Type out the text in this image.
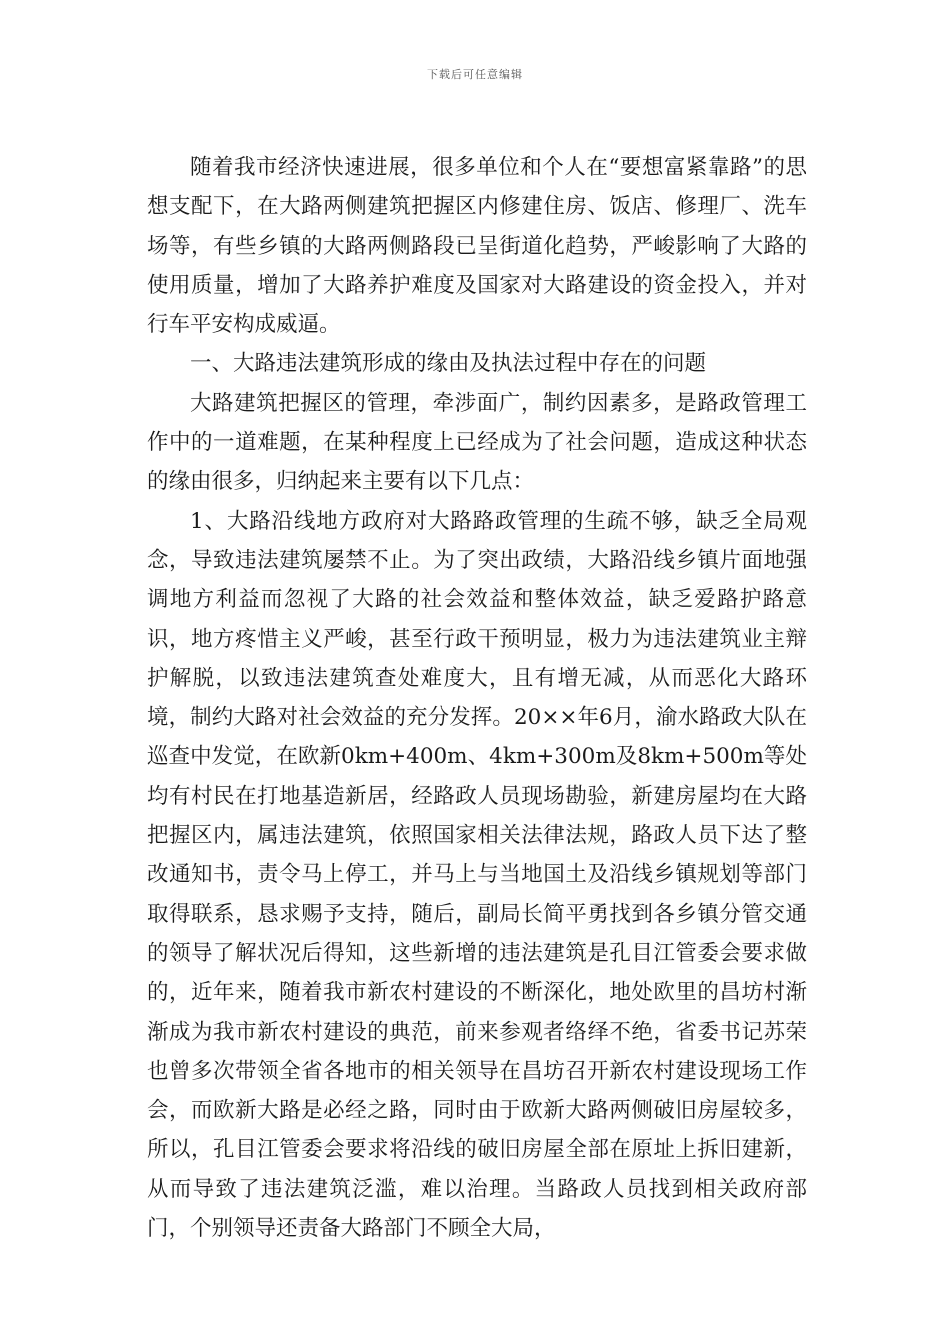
下载后可任意编辑

随着我市经济快速进展，很多单位和个人在“要想富紧靠路”的思想支配下，在大路两侧建筑把握区内修建住房、饭店、修理厂、洗车场等，有些乡镇的大路两侧路段已呈街道化趋势，严峻影响了大路的使用质量，增加了大路养护难度及国家对大路建设的资金投入，并对行车平安构成威逼。

一、大路违法建筑形成的缘由及执法过程中存在的问题

大路建筑把握区的管理，牵涉面广，制约因素多，是路政管理工作中的一道难题，在某种程度上已经成为了社会问题，造成这种状态的缘由很多，归纳起来主要有以下几点：

1、大路沿线地方政府对大路路政管理的生疏不够，缺乏全局观念，导致违法建筑屡禁不止。为了突出政绩，大路沿线乡镇片面地强调地方利益而忽视了大路的社会效益和整体效益，缺乏爱路护路意识，地方疼惜主义严峻，甚至行政干预明显，极力为违法建筑业主辩护解脱，以致违法建筑查处难度大，且有增无减，从而恶化大路环境，制约大路对社会效益的充分发挥。20××年6月，渝水路政大队在巡查中发觉，在欧新0km+400m、4km+300m及8km+500m等处均有村民在打地基造新居，经路政人员现场勘验，新建房屋均在大路把握区内，属违法建筑，依照国家相关法律法规，路政人员下达了整改通知书，责令马上停工，并马上与当地国土及沿线乡镇规划等部门取得联系，恳求赐予支持，随后，副局长简平勇找到各乡镇分管交通的领导了解状况后得知，这些新增的违法建筑是孔目江管委会要求做的，近年来，随着我市新农村建设的不断深化，地处欧里的昌坊村渐渐成为我市新农村建设的典范，前来参观者络绎不绝，省委书记苏荣也曾多次带领全省各地市的相关领导在昌坊召开新农村建设现场工作会，而欧新大路是必经之路，同时由于欧新大路两侧破旧房屋较多，所以，孔目江管委会要求将沿线的破旧房屋全部在原址上拆旧建新，从而导致了违法建筑泛滥，难以治理。当路政人员找到相关政府部门，个别领导还责备大路部门不顾全大局，
